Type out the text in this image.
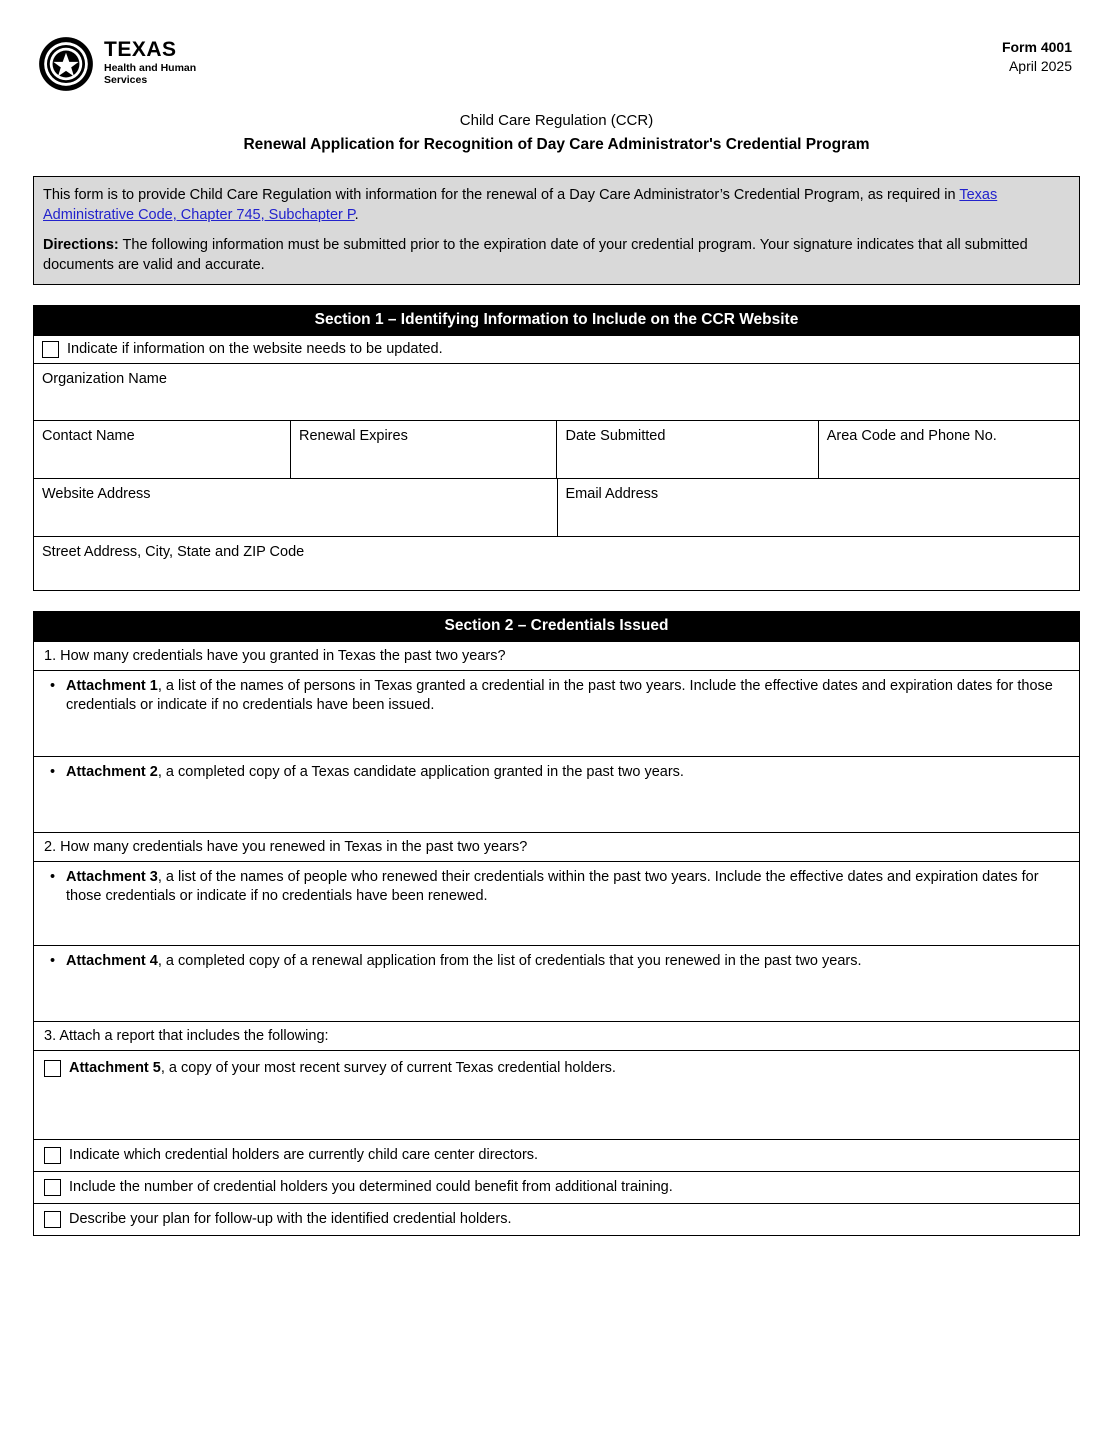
TEXAS
Health and Human Services
Form 4001
April 2025
Child Care Regulation (CCR)
Renewal Application for Recognition of Day Care Administrator's Credential Program

This form is to provide Child Care Regulation with information for the renewal of a Day Care Administrator’s Credential Program, as required in Texas Administrative Code, Chapter 745, Subchapter P.

Directions: The following information must be submitted prior to the expiration date of your credential program. Your signature indicates that all submitted documents are valid and accurate.

Section 1 – Identifying Information to Include on the CCR Website
Indicate if information on the website needs to be updated.
Organization Name
Contact Name	Renewal Expires	Date Submitted	Area Code and Phone No.
Website Address	Email Address
Street Address, City, State and ZIP Code
Section 2 – Credentials Issued
1. How many credentials have you granted in Texas the past two years?
• Attachment 1, a list of the names of persons in Texas granted a credential in the past two years. Include the effective dates and expiration dates for those credentials or indicate if no credentials have been issued.
• Attachment 2, a completed copy of a Texas candidate application granted in the past two years.
2. How many credentials have you renewed in Texas in the past two years?
• Attachment 3, a list of the names of people who renewed their credentials within the past two years. Include the effective dates and expiration dates for those credentials or indicate if no credentials have been renewed.
• Attachment 4, a completed copy of a renewal application from the list of credentials that you renewed in the past two years.
3. Attach a report that includes the following:
Attachment 5, a copy of your most recent survey of current Texas credential holders.
Indicate which credential holders are currently child care center directors.
Include the number of credential holders you determined could benefit from additional training.
Describe your plan for follow-up with the identified credential holders.
